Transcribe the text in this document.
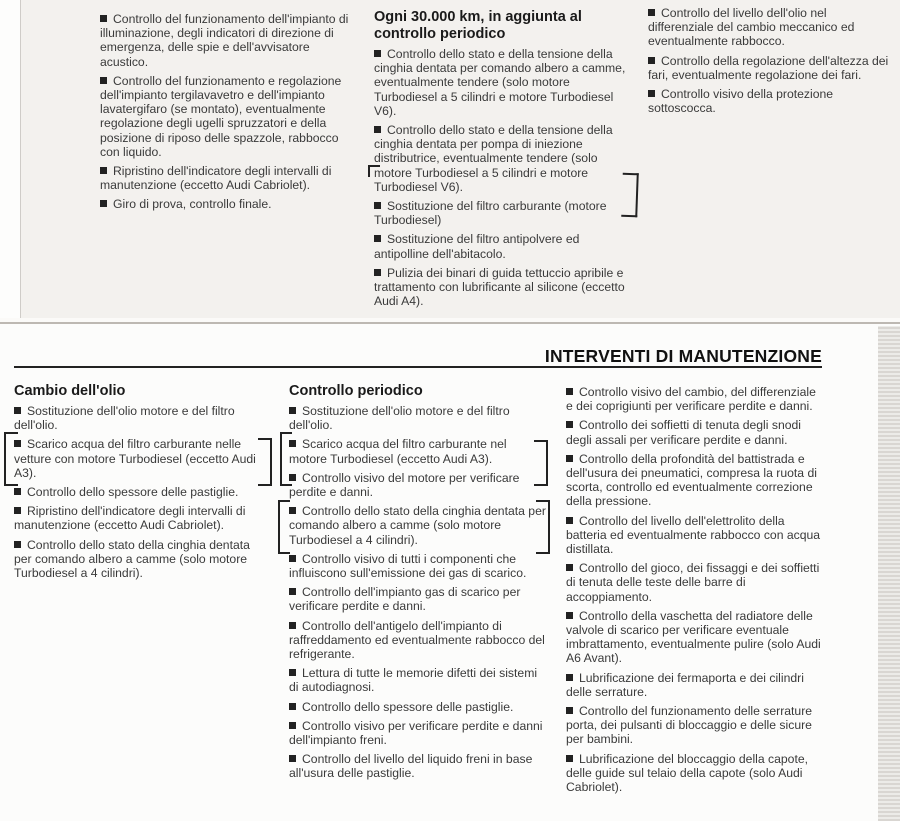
Controllo del funzionamento dell'impianto di illuminazione, degli indicatori di direzione di emergenza, delle spie e dell'avvisatore acustico.
Controllo del funzionamento e regolazione dell'impianto tergilavavetro e dell'impianto lavatergifaro (se montato), eventualmente regolazione degli ugelli spruzzatori e della posizione di riposo delle spazzole, rabbocco con liquido.
Ripristino dell'indicatore degli intervalli di manutenzione (eccetto Audi Cabriolet).
Giro di prova, controllo finale.
Ogni 30.000 km, in aggiunta al controllo periodico
Controllo dello stato e della tensione della cinghia dentata per comando albero a camme, eventualmente tendere (solo motore Turbodiesel a 5 cilindri e motore Turbodiesel V6).
Controllo dello stato e della tensione della cinghia dentata per pompa di iniezione distributrice, eventualmente tendere (solo motore Turbodiesel a 5 cilindri e motore Turbodiesel V6).
Sostituzione del filtro carburante (motore Turbodiesel)
Sostituzione del filtro antipolvere ed antipolline dell'abitacolo.
Pulizia dei binari di guida tettuccio apribile e trattamento con lubrificante al silicone (eccetto Audi A4).
Controllo del livello dell'olio nel differenziale del cambio meccanico ed eventualmente rabbocco.
Controllo della regolazione dell'altezza dei fari, eventualmente regolazione dei fari.
Controllo visivo della protezione sottoscocca.
INTERVENTI DI MANUTENZIONE
Cambio dell'olio
Sostituzione dell'olio motore e del filtro dell'olio.
Scarico acqua del filtro carburante nelle vetture con motore Turbodiesel (eccetto Audi A3).
Controllo dello spessore delle pastiglie.
Ripristino dell'indicatore degli intervalli di manutenzione (eccetto Audi Cabriolet).
Controllo dello stato della cinghia dentata per comando albero a camme (solo motore Turbodiesel a 4 cilindri).
Controllo periodico
Sostituzione dell'olio motore e del filtro dell'olio.
Scarico acqua del filtro carburante nel motore Turbodiesel (eccetto Audi A3).
Controllo visivo del motore per verificare perdite e danni.
Controllo dello stato della cinghia dentata per comando albero a camme (solo motore Turbodiesel a 4 cilindri).
Controllo visivo di tutti i componenti che influiscono sull'emissione dei gas di scarico.
Controllo dell'impianto gas di scarico per verificare perdite e danni.
Controllo dell'antigelo dell'impianto di raffreddamento ed eventualmente rabbocco del refrigerante.
Lettura di tutte le memorie difetti dei sistemi di autodiagnosi.
Controllo dello spessore delle pastiglie.
Controllo visivo per verificare perdite e danni dell'impianto freni.
Controllo del livello del liquido freni in base all'usura delle pastiglie.
Controllo visivo del cambio, del differenziale e dei coprigiunti per verificare perdite e danni.
Controllo dei soffietti di tenuta degli snodi degli assali per verificare perdite e danni.
Controllo della profondità del battistrada e dell'usura dei pneumatici, compresa la ruota di scorta, controllo ed eventualmente correzione della pressione.
Controllo del livello dell'elettrolito della batteria ed eventualmente rabbocco con acqua distillata.
Controllo del gioco, dei fissaggi e dei soffietti di tenuta delle teste delle barre di accoppiamento.
Controllo della vaschetta del radiatore delle valvole di scarico per verificare eventuale imbrattamento, eventualmente pulire (solo Audi A6 Avant).
Lubrificazione dei fermaporta e dei cilindri delle serrature.
Controllo del funzionamento delle serrature porta, dei pulsanti di bloccaggio e delle sicure per bambini.
Lubrificazione del bloccaggio della capote, delle guide sul telaio della capote (solo Audi Cabriolet).
